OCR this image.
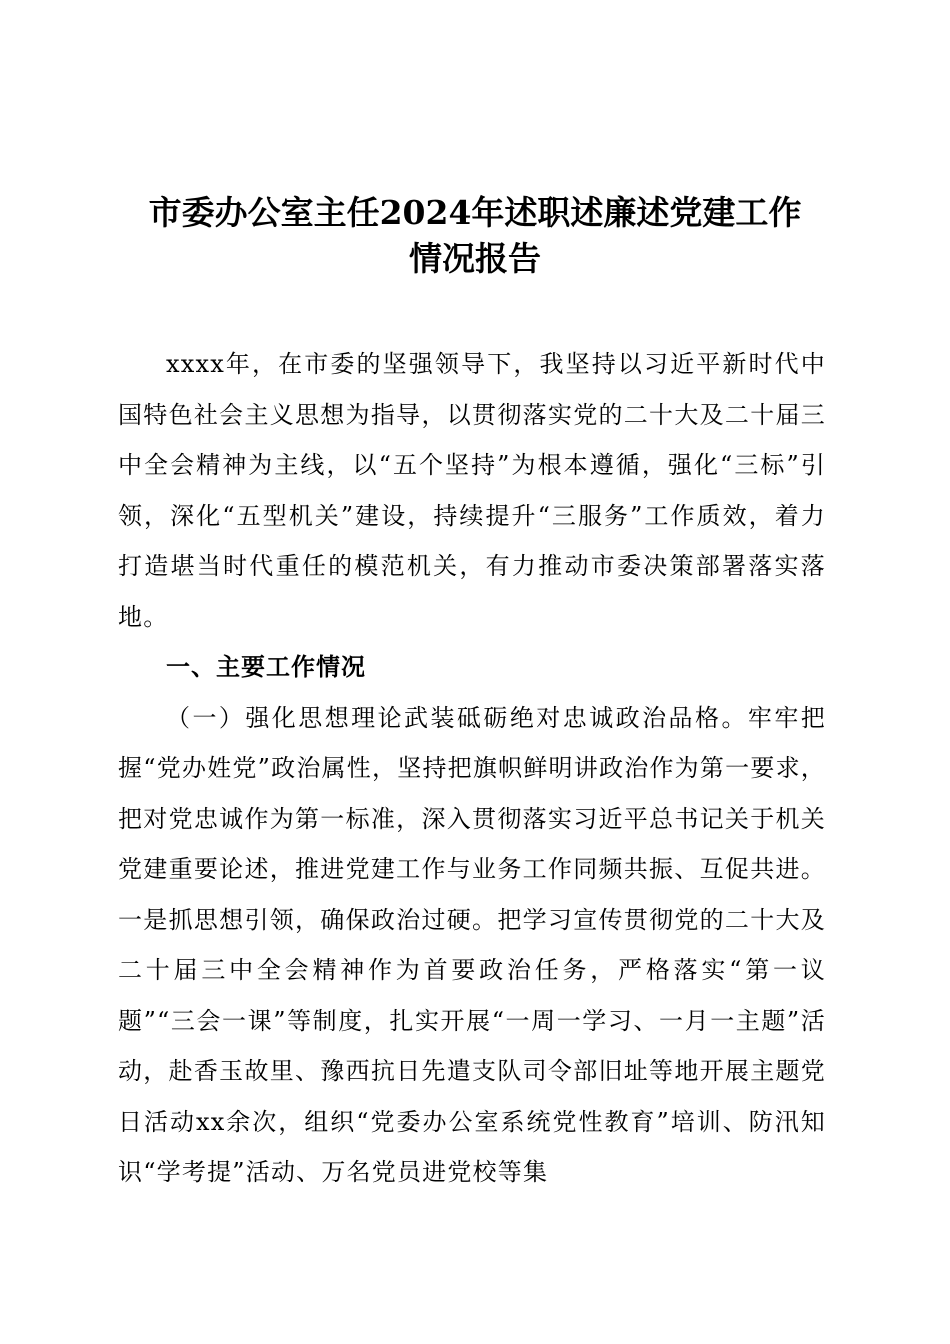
市委办公室主任2024年述职述廉述党建工作
情况报告

xxxx年，在市委的坚强领导下，我坚持以习近平新时代中国特色社会主义思想为指导，以贯彻落实党的二十大及二十届三中全会精神为主线，以“五个坚持”为根本遵循，强化“三标”引领，深化“五型机关”建设，持续提升“三服务”工作质效，着力打造堪当时代重任的模范机关，有力推动市委决策部署落实落地。

一、主要工作情况

（一）强化思想理论武装砥砺绝对忠诚政治品格。牢牢把握“党办姓党”政治属性，坚持把旗帜鲜明讲政治作为第一要求，把对党忠诚作为第一标准，深入贯彻落实习近平总书记关于机关党建重要论述，推进党建工作与业务工作同频共振、互促共进。一是抓思想引领，确保政治过硬。把学习宣传贯彻党的二十大及二十届三中全会精神作为首要政治任务，严格落实“第一议题”“三会一课”等制度，扎实开展“一周一学习、一月一主题”活动，赴香玉故里、豫西抗日先遣支队司令部旧址等地开展主题党日活动xx余次，组织“党委办公室系统党性教育”培训、防汛知识“学考提”活动、万名党员进党校等集
